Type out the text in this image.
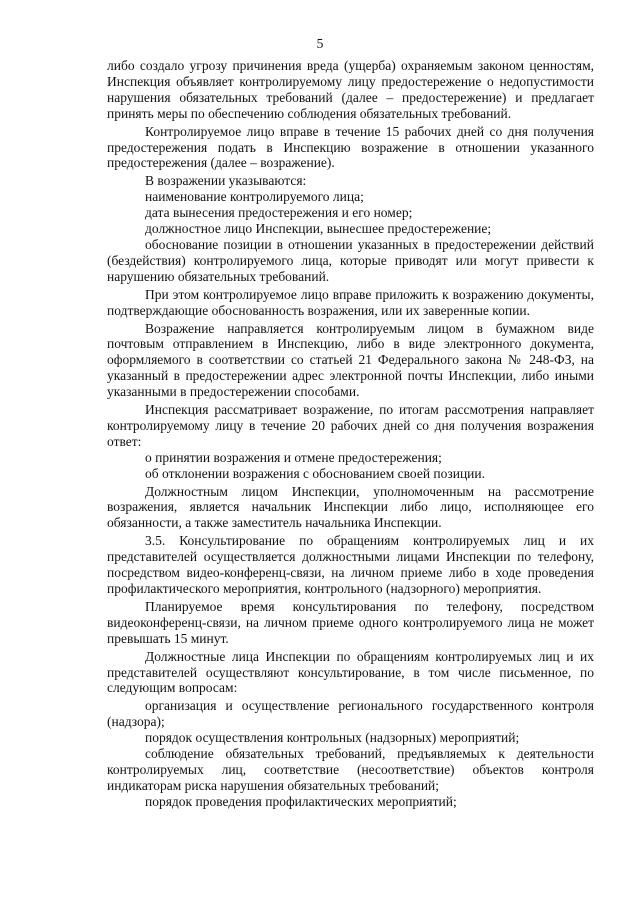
5

либо создало угрозу причинения вреда (ущерба) охраняемым законом ценностям, Инспекция объявляет контролируемому лицу предостережение о недопустимости нарушения обязательных требований (далее – предостережение) и предлагает принять меры по обеспечению соблюдения обязательных требований.

Контролируемое лицо вправе в течение 15 рабочих дней со дня получения предостережения подать в Инспекцию возражение в отношении указанного предостережения (далее – возражение).

В возражении указываются:

наименование контролируемого лица;

дата вынесения предостережения и его номер;

должностное лицо Инспекции, вынесшее предостережение;

обоснование позиции в отношении указанных в предостережении действий (бездействия) контролируемого лица, которые приводят или могут привести к нарушению обязательных требований.

При этом контролируемое лицо вправе приложить к возражению документы, подтверждающие обоснованность возражения, или их заверенные копии.

Возражение направляется контролируемым лицом в бумажном виде почтовым отправлением в Инспекцию, либо в виде электронного документа, оформляемого в соответствии со статьей 21 Федерального закона № 248-ФЗ, на указанный в предостережении адрес электронной почты Инспекции, либо иными указанными в предостережении способами.

Инспекция рассматривает возражение, по итогам рассмотрения направляет контролируемому лицу в течение 20 рабочих дней со дня получения возражения ответ:

о принятии возражения и отмене предостережения;

об отклонении возражения с обоснованием своей позиции.

Должностным лицом Инспекции, уполномоченным на рассмотрение возражения, является начальник Инспекции либо лицо, исполняющее его обязанности, а также заместитель начальника Инспекции.

3.5. Консультирование по обращениям контролируемых лиц и их представителей осуществляется должностными лицами Инспекции по телефону, посредством видео-конференц-связи, на личном приеме либо в ходе проведения профилактического мероприятия, контрольного (надзорного) мероприятия.

Планируемое время консультирования по телефону, посредством видеоконференц-связи, на личном приеме одного контролируемого лица не может превышать 15 минут.

Должностные лица Инспекции по обращениям контролируемых лиц и их представителей осуществляют консультирование, в том числе письменное, по следующим вопросам:

организация и осуществление регионального государственного контроля (надзора);

порядок осуществления контрольных (надзорных) мероприятий;

соблюдение обязательных требований, предъявляемых к деятельности контролируемых лиц, соответствие (несоответствие) объектов контроля индикаторам риска нарушения обязательных требований;

порядок проведения профилактических мероприятий;
